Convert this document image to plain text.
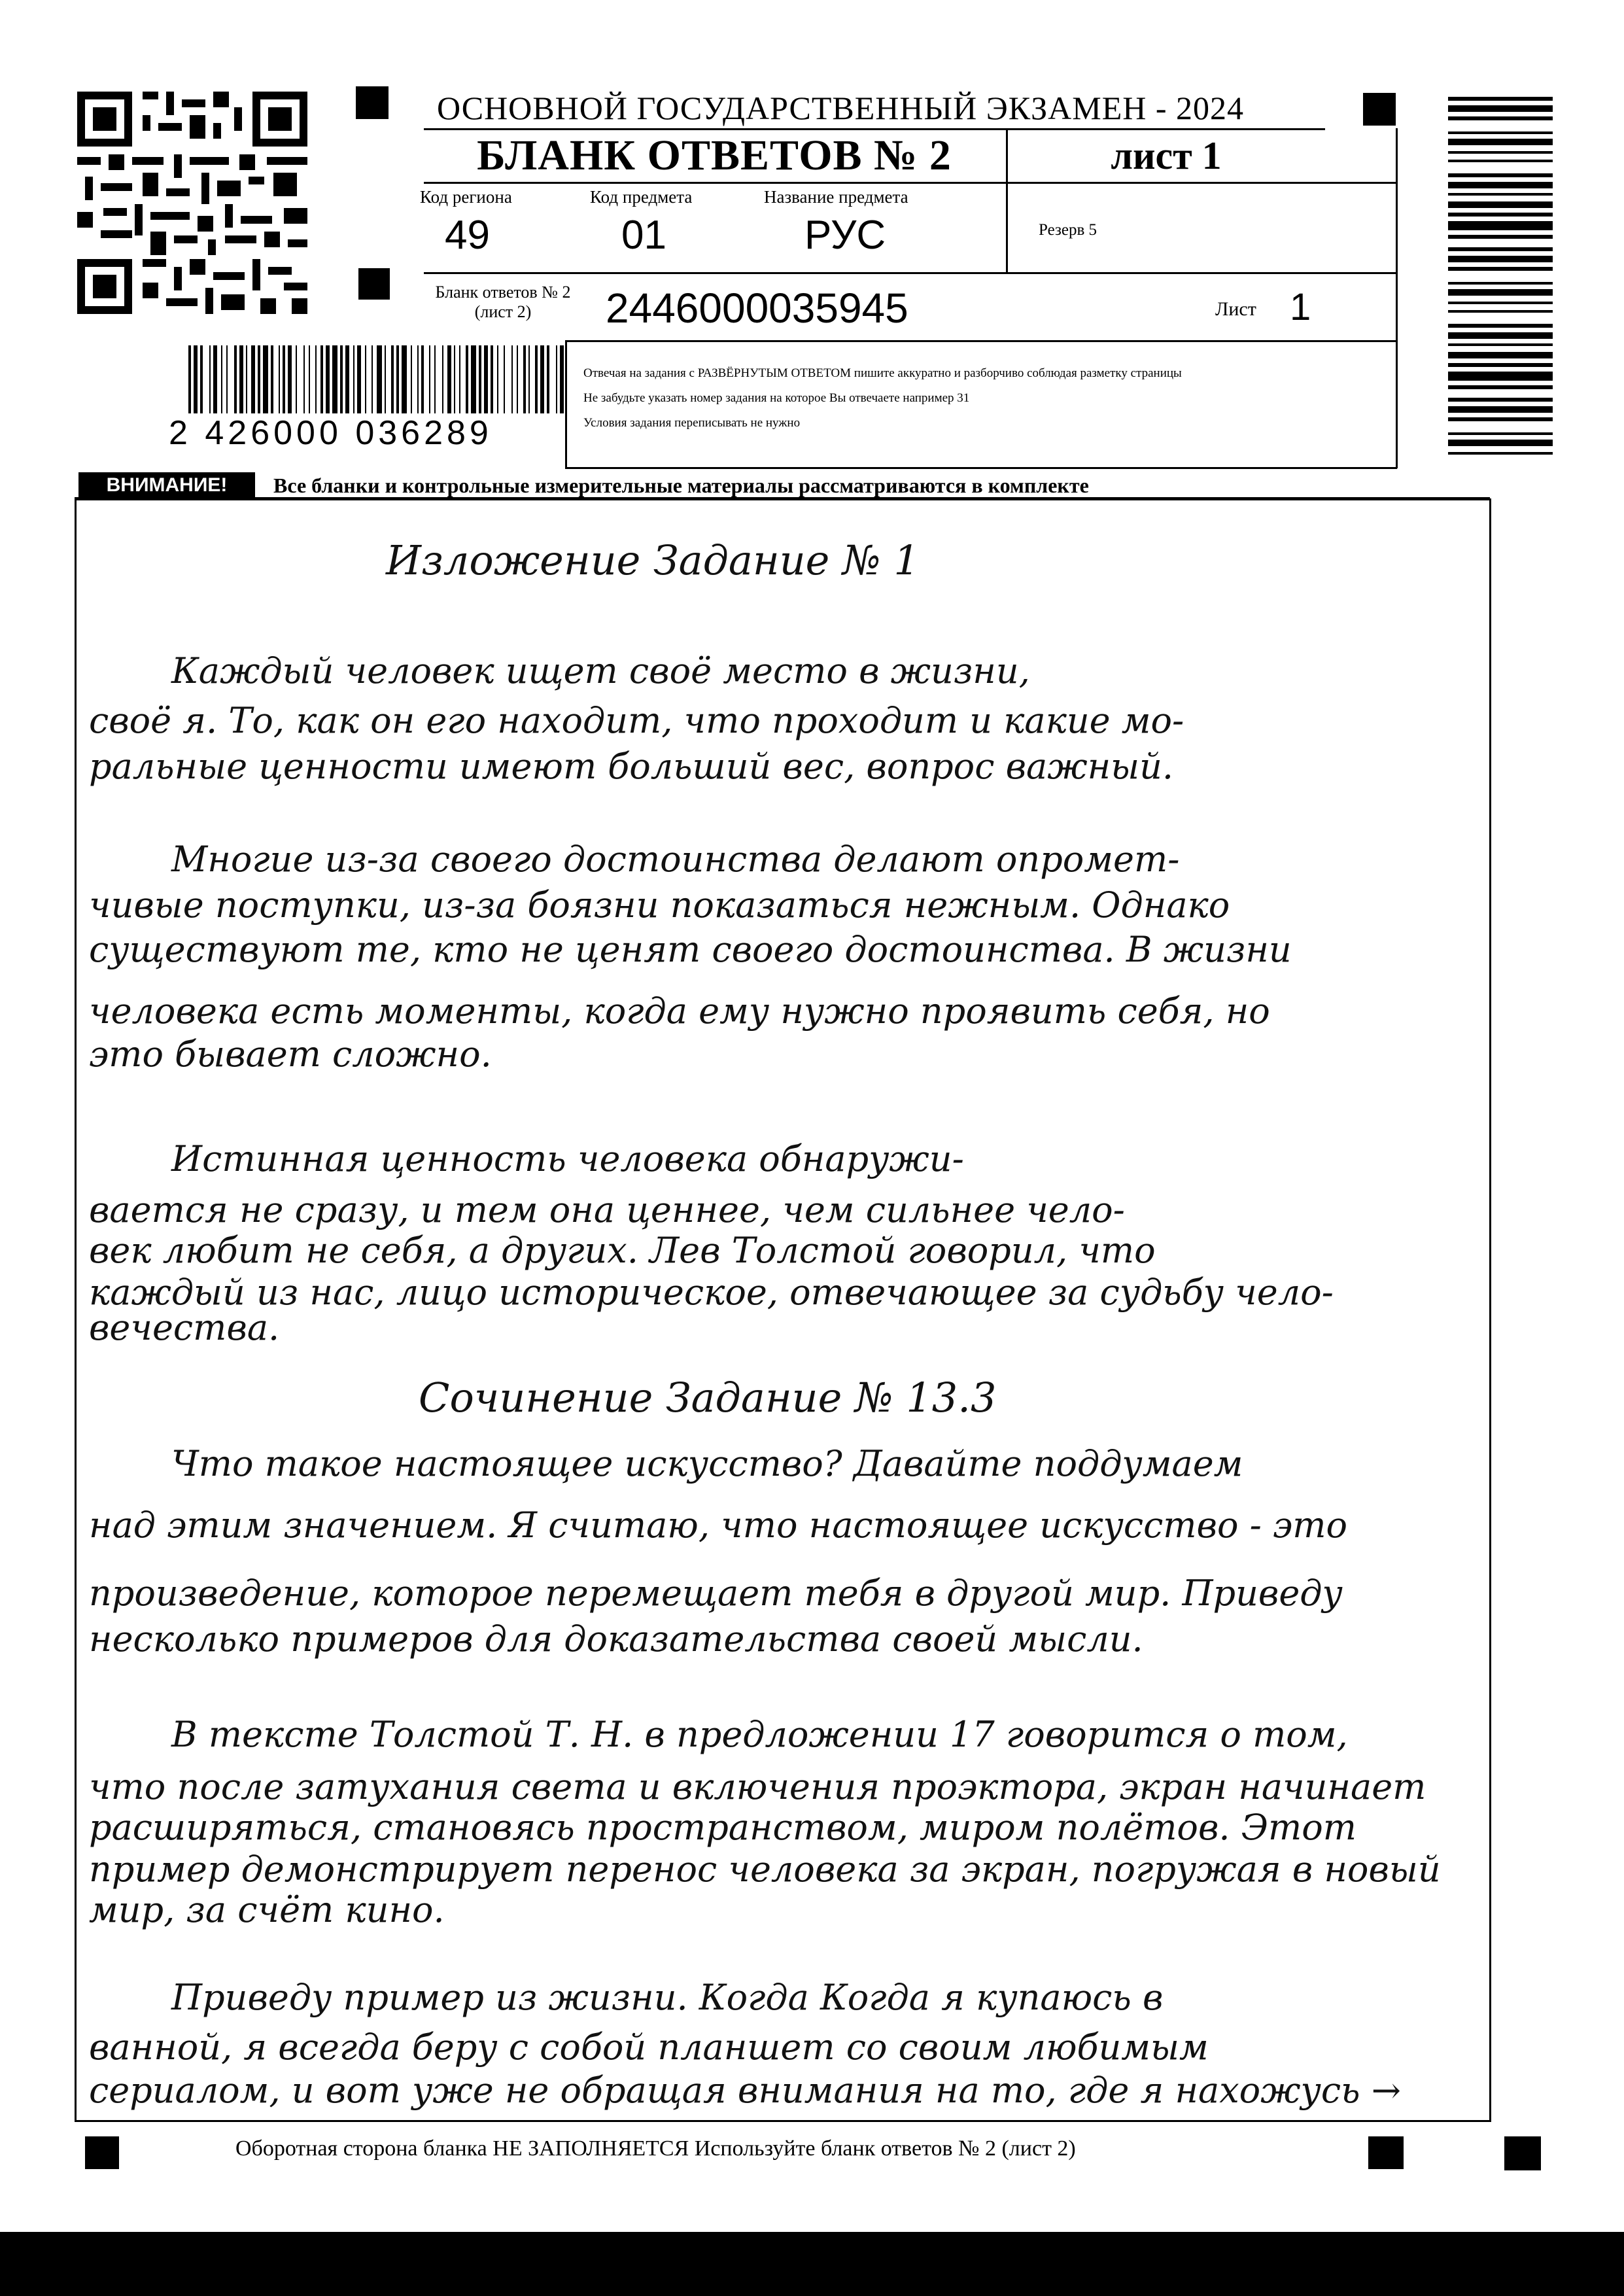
ОСНОВНОЙ ГОСУДАРСТВЕННЫЙ ЭКЗАМЕН - 2024
БЛАНК ОТВЕТОВ № 2	лист 1
Код региона
49
Код предмета
01
Название предмета
РУС	Резерв 5
Бланк ответов № 2
(лист 2)	2446000035945	Лист 1
Отвечая на задания с РАЗВЁРНУТЫМ ОТВЕТОМ пишите аккуратно и разборчиво соблюдая разметку страницы
Не забудьте указать номер задания на которое Вы отвечаете например 31
Условия задания переписывать не нужно
2 426000 036289
ВНИМАНИЕ!	Все бланки и контрольные измерительные материалы рассматриваются в комплекте
Изложение Задание № 1
Каждый человек ищет своё место в жизни,
своё я. То, как он его находит, что проходит и какие мо-
ральные ценности имеют больший вес, вопрос важный.
Многие из-за своего достоинства делают опромет-
чивые поступки, из-за боязни показаться нежным. Однако
существуют те, кто не ценят своего достоинства. В жизни
человека есть моменты, когда ему нужно проявить себя, но
это бывает сложно.
Истинная ценность человека обнаружи-
вается не сразу, и тем она ценнее, чем сильнее чело-
век любит не себя, а других. Лев Толстой говорил, что
каждый из нас, лицо историческое, отвечающее за судьбу чело-
вечества.
Сочинение Задание № 13.3
Что такое настоящее искусство? Давайте поддумаем
над этим значением. Я считаю, что настоящее искусство - это
произведение, которое перемещает тебя в другой мир. Приведу
несколько примеров для доказательства своей мысли.
В тексте Толстой Т. Н. в предложении 17 говорится о том,
что после затухания света и включения проэктора, экран начинает
расширяться, становясь пространством, миром полётов. Этот
пример демонстрирует перенос человека за экран, погружая в новый
мир, за счёт кино.
Приведу пример из жизни. Когда Когда я купаюсь в
ванной, я всегда беру с собой планшет со своим любимым
сериалом, и вот уже не обращая внимания на то, где я нахожусь →
Оборотная сторона бланка НЕ ЗАПОЛНЯЕТСЯ Используйте бланк ответов № 2 (лист 2)
